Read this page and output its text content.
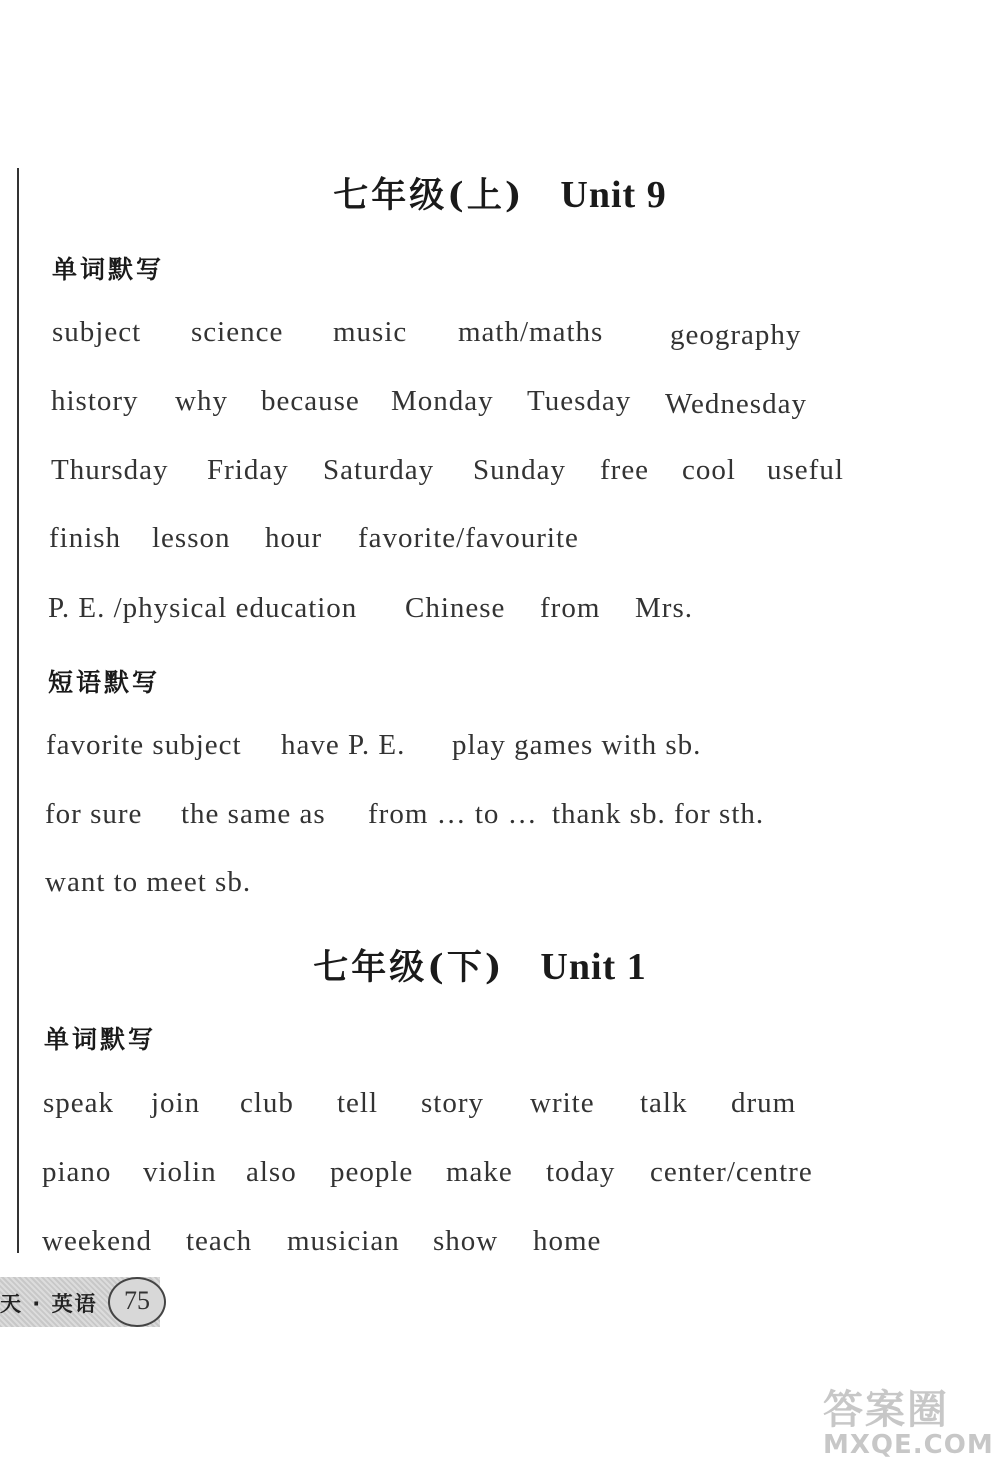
七年级(上) Unit 9
单词默写
subject science music math/maths geography
history why because Monday Tuesday Wednesday
Thursday Friday Saturday Sunday free cool useful
finish lesson hour favorite/favourite
P. E. /physical education Chinese from Mrs.
短语默写
favorite subject have P. E. play games with sb.
for sure the same as from … to … thank sb. for sth.
want to meet sb.
七年级(下) Unit 1
单词默写
speak join club tell story write talk drum
piano violin also people make today center/centre
weekend teach musician show home
天 · 英语	75
答案圈
MXQE.COM
